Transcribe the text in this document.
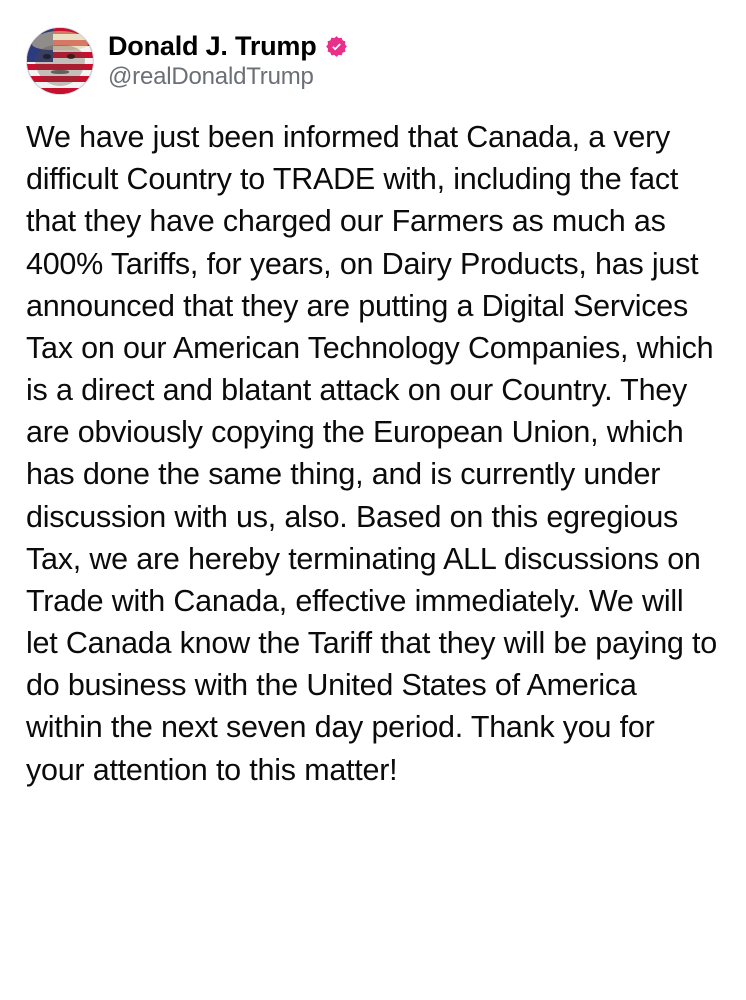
Donald J. Trump
@realDonaldTrump
We have just been informed that Canada, a very difficult Country to TRADE with, including the fact that they have charged our Farmers as much as 400% Tariffs, for years, on Dairy Products, has just announced that they are putting a Digital Services Tax on our American Technology Companies, which is a direct and blatant attack on our Country. They are obviously copying the European Union, which has done the same thing, and is currently under discussion with us, also. Based on this egregious Tax, we are hereby terminating ALL discussions on Trade with Canada, effective immediately. We will let Canada know the Tariff that they will be paying to do business with the United States of America within the next seven day period. Thank you for your attention to this matter!
